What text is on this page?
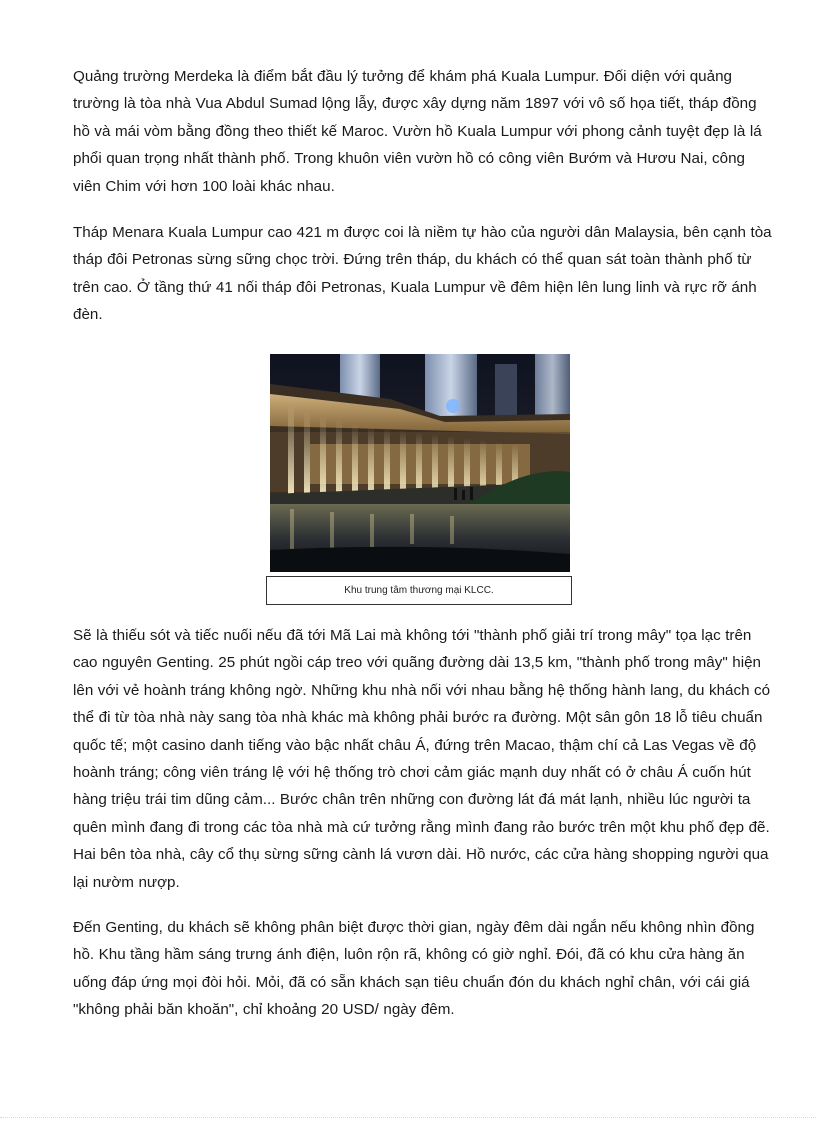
Quảng trường Merdeka là điểm bắt đầu lý tưởng để khám phá Kuala Lumpur. Đối diện với quảng trường là tòa nhà Vua Abdul Sumad lộng lẫy, được xây dựng năm 1897 với vô số họa tiết, tháp đồng hồ và mái vòm bằng đồng theo thiết kế Maroc. Vườn hồ Kuala Lumpur với phong cảnh tuyệt đẹp là lá phổi quan trọng nhất thành phố. Trong khuôn viên vườn hồ có công viên Bướm và Hươu Nai, công viên Chim với hơn 100 loài khác nhau.

Tháp Menara Kuala Lumpur cao 421 m được coi là niềm tự hào của người dân Malaysia, bên cạnh tòa tháp đôi Petronas sừng sững chọc trời. Đứng trên tháp, du khách có thể quan sát toàn thành phố từ trên cao. Ở tầng thứ 41 nối tháp đôi Petronas, Kuala Lumpur về đêm hiện lên lung linh và rực rỡ ánh đèn.

Khu trung tâm thương mại KLCC.

Sẽ là thiếu sót và tiếc nuối nếu đã tới Mã Lai mà không tới "thành phố giải trí trong mây" tọa lạc trên cao nguyên Genting. 25 phút ngồi cáp treo với quãng đường dài 13,5 km, "thành phố trong mây" hiện lên với vẻ hoành tráng không ngờ. Những khu nhà nối với nhau bằng hệ thống hành lang, du khách có thể đi từ tòa nhà này sang tòa nhà khác mà không phải bước ra đường. Một sân gôn 18 lỗ tiêu chuẩn quốc tế; một casino danh tiếng vào bậc nhất châu Á, đứng trên Macao, thậm chí cả Las Vegas về độ hoành tráng; công viên tráng lệ với hệ thống trò chơi cảm giác mạnh duy nhất có ở châu Á cuốn hút hàng triệu trái tim dũng cảm... Bước chân trên những con đường lát đá mát lạnh, nhiều lúc người ta quên mình đang đi trong các tòa nhà mà cứ tưởng rằng mình đang rảo bước trên một khu phố đẹp đẽ. Hai bên tòa nhà, cây cổ thụ sừng sững cành lá vươn dài. Hồ nước, các cửa hàng shopping người qua lại nườm nượp.

Đến Genting, du khách sẽ không phân biệt được thời gian, ngày đêm dài ngắn nếu không nhìn đồng hồ. Khu tầng hầm sáng trưng ánh điện, luôn rộn rã, không có giờ nghỉ. Đói, đã có khu cửa hàng ăn uống đáp ứng mọi đòi hỏi. Mỏi, đã có sẵn khách sạn tiêu chuẩn đón du khách nghỉ chân, với cái giá "không phải băn khoăn", chỉ khoảng 20 USD/ ngày đêm.
